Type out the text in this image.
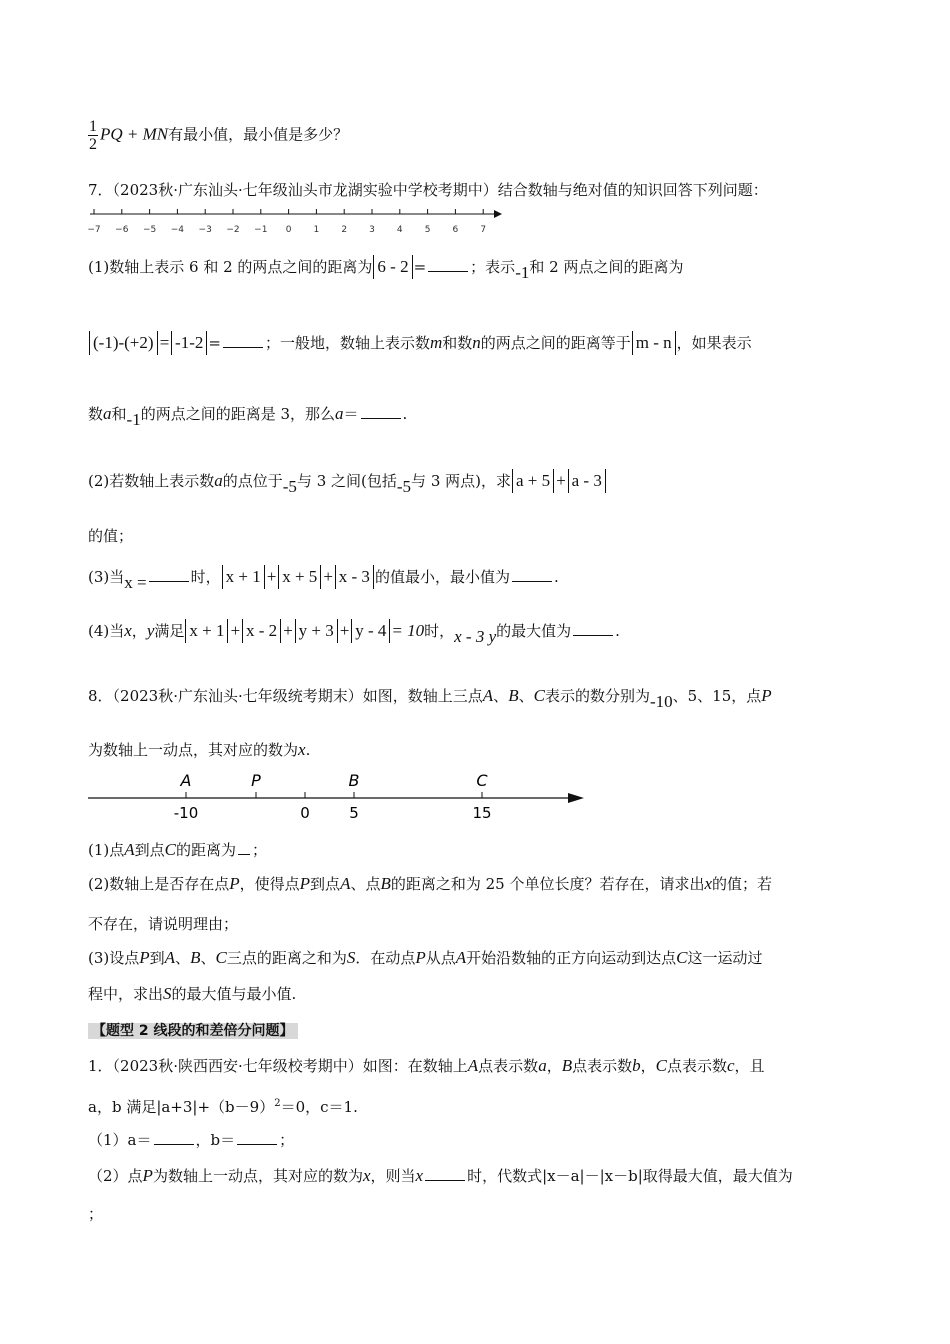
$\frac{1}{2}$ PQ + MN有最小值，最小值是多少？
7．（2023秋·广东汕头·七年级汕头市龙湖实验中学校考期中）结合数轴与绝对值的知识回答下列问题：
−7 −6 −5 −4 −3 −2 −1 0 1 2 3 4 5 6 7
(1)数轴上表示 6 和 2 的两点之间的距离为 6 - 2 =	；表示-1和 2 两点之间的距离为
(-1)-(+2) = -1-2 =	；一般地，数轴上表示数m和数n的两点之间的距离等于 m - n ，如果表示
数a和-1的两点之间的距离是 3，那么a＝	.
(2)若数轴上表示数a的点位于-5与 3 之间(包括-5与 3 两点)，求 a + 5 + a - 3
的值；
(3)当x =	时， x + 1 + x + 5 + x - 3 的值最小，最小值为	.
(4)当x，y满足 x + 1 + x - 2 + y + 3 + y - 4 = 10时，x - 3 y的最大值为	.
8．（2023秋·广东汕头·七年级统考期末）如图，数轴上三点A、B、C表示的数分别为-10、5、15，点P
为数轴上一动点，其对应的数为x.
A
-10
P
0
B
5
C
15
(1)点A到点C的距离为 ；
(2)数轴上是否存在点P，使得点P到点A、点B的距离之和为 25 个单位长度？若存在，请求出x的值；若
不存在，请说明理由；
(3)设点P到A、B、C三点的距离之和为S．在动点P从点A开始沿数轴的正方向运动到达点C这一运动过
程中，求出S的最大值与最小值.
【题型 2 线段的和差倍分问题】
1．（2023秋·陕西西安·七年级校考期中）如图：在数轴上A点表示数a，B点表示数b，C点表示数c，且
a，b 满足$|a+3|+(b-9)^2=0$，c＝1.
（1）a＝	，b＝	；
（2）点P为数轴上一动点，其对应的数为x，则当x	时，代数式|x－a|－|x－b|取得最大值，最大值为
；
